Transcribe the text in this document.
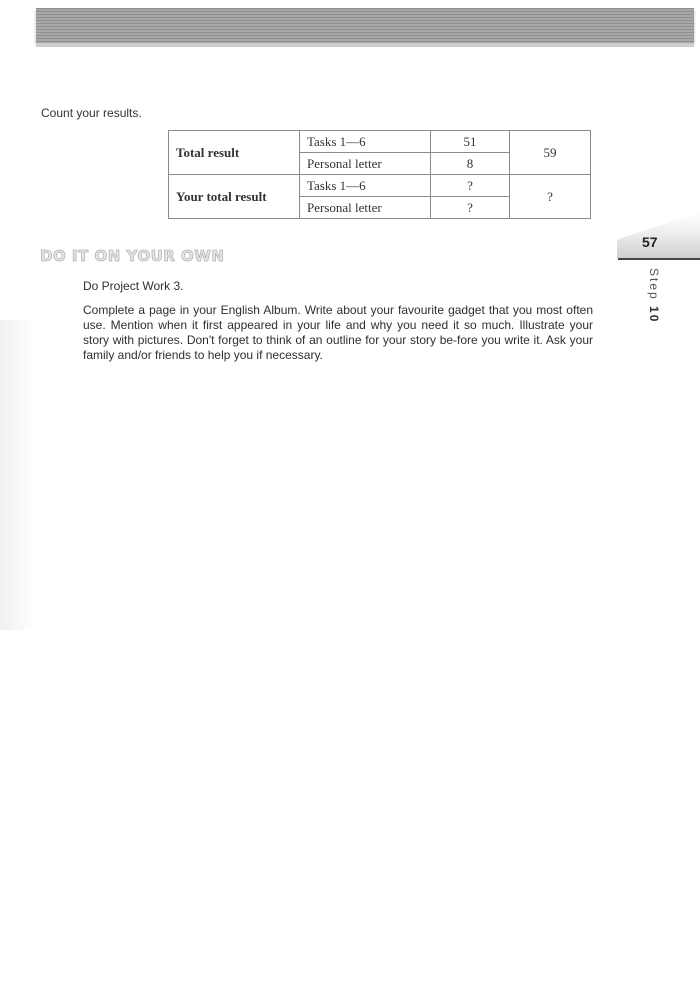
Count your results.
Total result	Tasks 1—6	51	59
	Personal letter	8	
Your total result	Tasks 1—6	?	?
	Personal letter	?	
DO IT ON YOUR OWN
Do Project Work 3.
Complete a page in your English Album. Write about your favourite gadget that you most often use. Mention when it first appeared in your life and why you need it so much. Illustrate your story with pictures. Don't forget to think of an outline for your story be-fore you write it. Ask your family and/or friends to help you if necessary.
57
Step 10
